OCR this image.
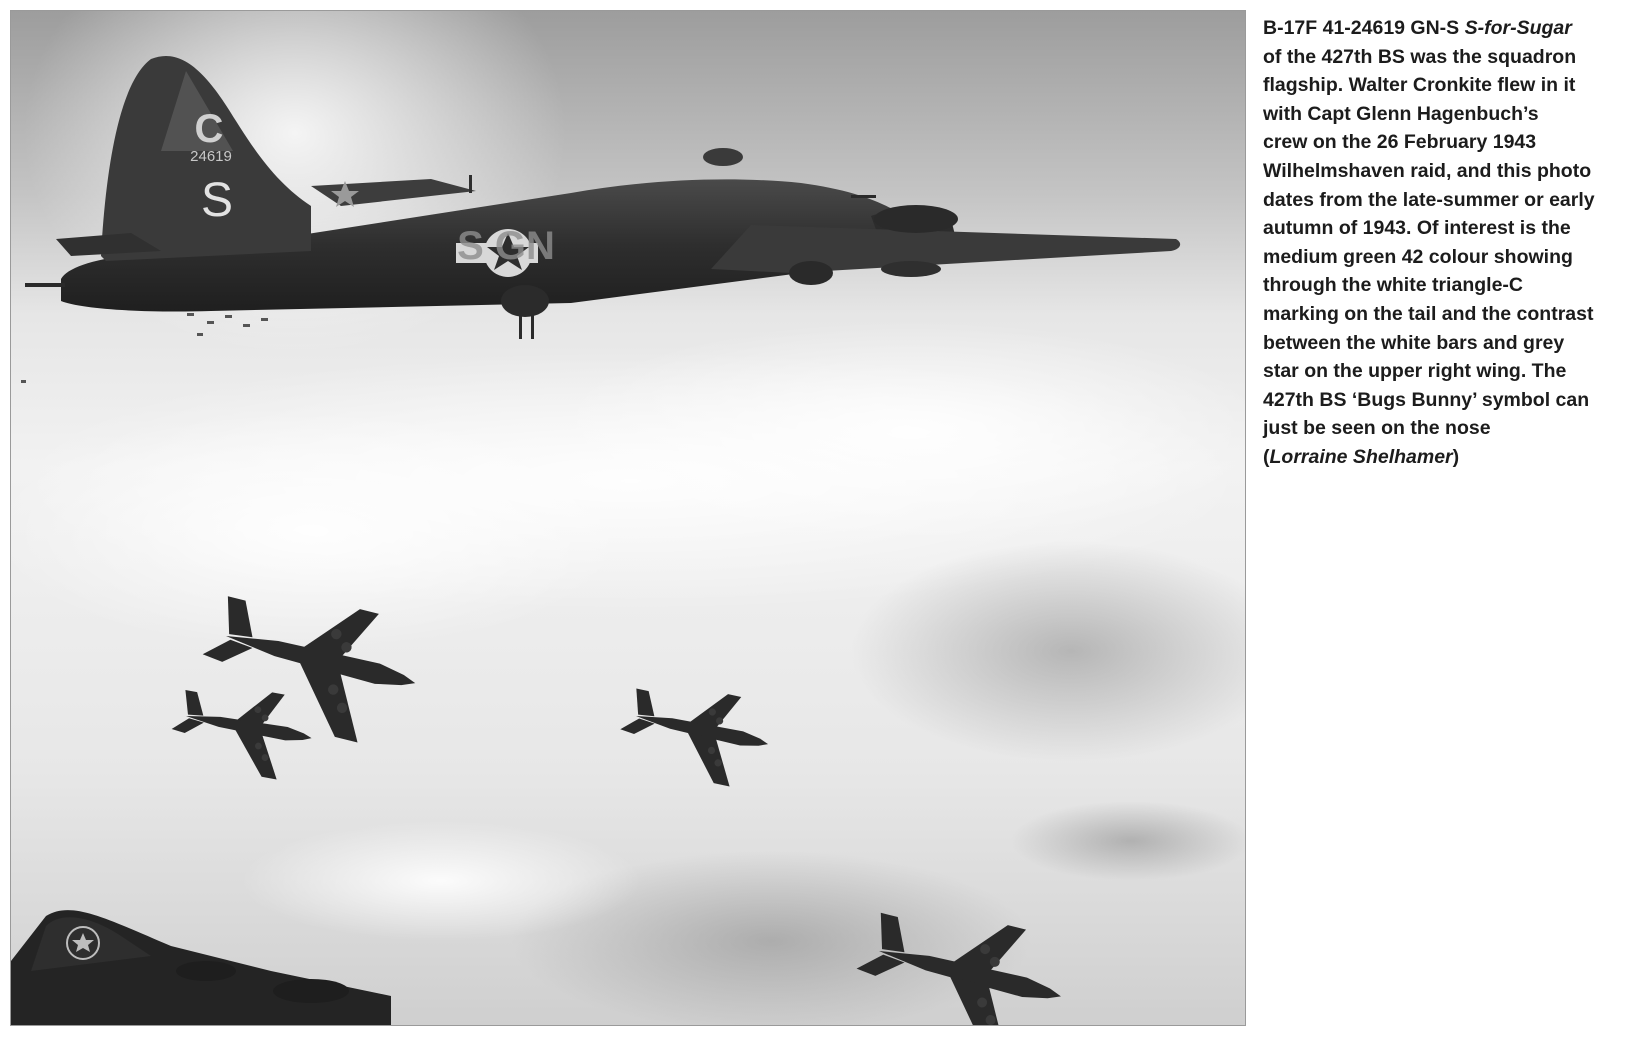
C
24619
S
S GN
B-17F 41-24619 GN-S S-for-Sugar
of the 427th BS was the squadron
flagship. Walter Cronkite flew in it
with Capt Glenn Hagenbuch’s
crew on the 26 February 1943
Wilhelmshaven raid, and this photo
dates from the late-summer or early
autumn of 1943. Of interest is the
medium green 42 colour showing
through the white triangle-C
marking on the tail and the contrast
between the white bars and grey
star on the upper right wing. The
427th BS ‘Bugs Bunny’ symbol can
just be seen on the nose
(Lorraine Shelhamer)
